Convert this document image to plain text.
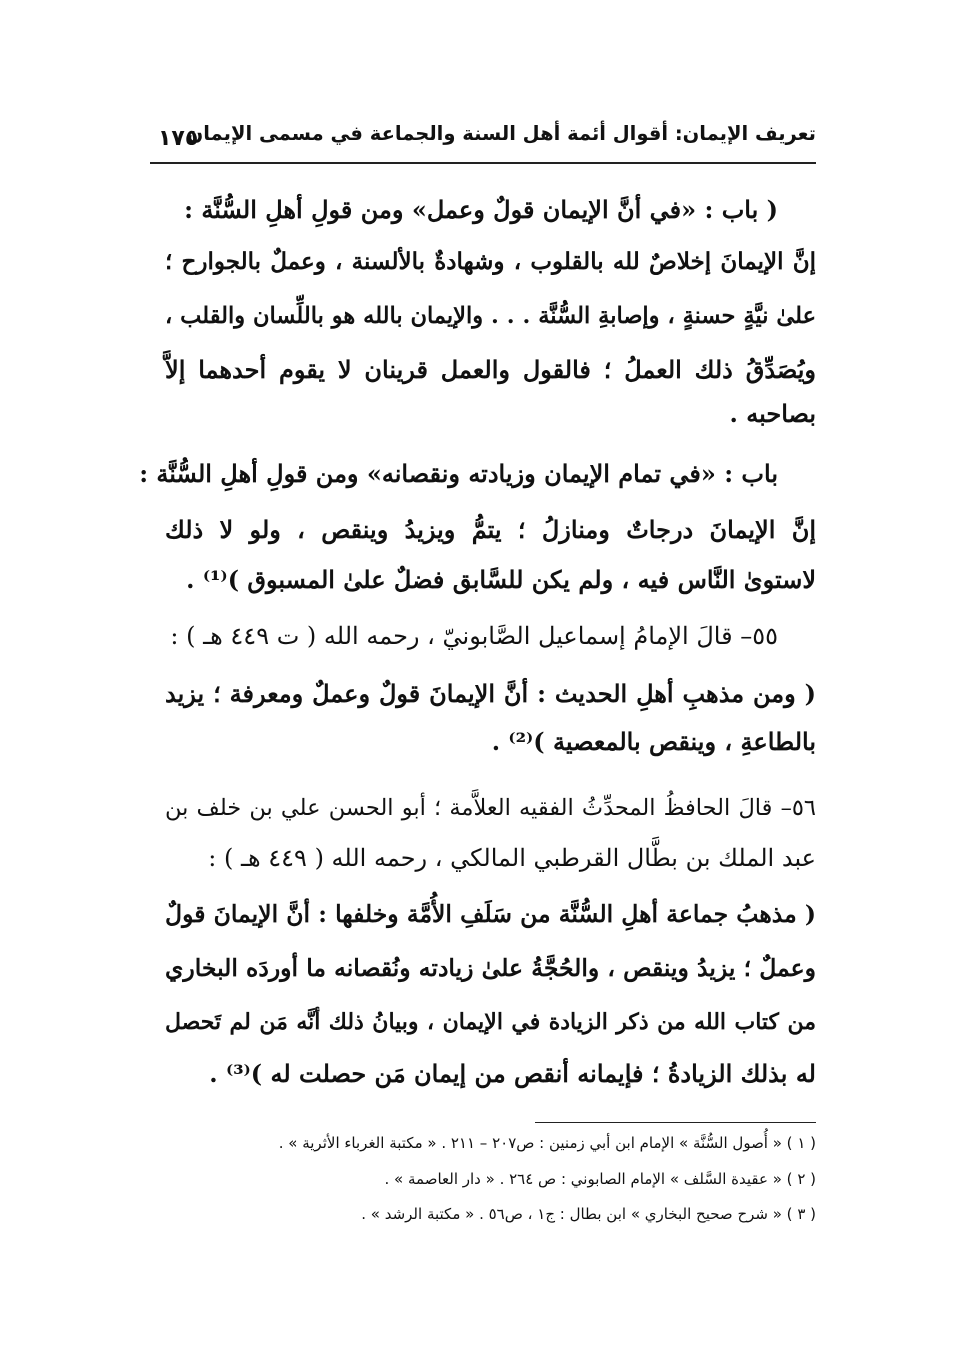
تعريف الإيمان: أقوال أئمة أهل السنة والجماعة في مسمى الإيمان
١٧٥
( باب : «في أنَّ الإيمان قولٌ وعمل» ومن قولِ أهلِ السُّنَّة :
إنَّ الإيمانَ إخلاصٌ لله بالقلوب ، وشهادةٌ بالألسنة ، وعملٌ بالجوارح ؛
علىٰ نيَّةٍ حسنةٍ ، وإصابةِ السُّنَّة . . . والإيمان بالله هو باللِّسان والقلب ،
ويُصَدِّقُ ذلك العملُ ؛ فالقول والعمل قرينان لا يقوم أحدهما إلاَّ
بصاحبه .
باب : «في تمام الإيمان وزيادته ونقصانه» ومن قولِ أهلِ السُّنَّة :
إنَّ الإيمانَ درجاتٌ ومنازلُ ؛ يتمُّ ويزيدُ وينقص ، ولو لا ذلك
لاستوىٰ النَّاس فيه ، ولم يكن للسَّابق فضلٌ علىٰ المسبوق )⁽¹⁾ .
٥٥– قالَ الإمامُ إسماعيل الصَّابونيّ ، رحمه الله ( ت ٤٤٩ هـ ) :
( ومن مذهبِ أهلِ الحديث : أنَّ الإيمانَ قولٌ وعملٌ ومعرفة ؛ يزيد
بالطاعةِ ، وينقص بالمعصية )⁽²⁾ .
٥٦– قالَ الحافظُ المحدِّثُ الفقيه العلاَّمة ؛ أبو الحسن علي بن خلف بن
عبد الملك بن بطَّال القرطبي المالكي ، رحمه الله ( ٤٤٩ هـ ) :
( مذهبُ جماعة أهلِ السُّنَّة من سَلَفِ الأُمَّة وخلفها : أنَّ الإيمانَ قولٌ
وعملٌ ؛ يزيدُ وينقص ، والحُجَّةُ علىٰ زيادته ونُقصانه ما أوردَه البخاري
من كتاب الله من ذكر الزيادة في الإيمان ، وبيانُ ذلك أنَّه مَن لم تَحصل
له بذلك الزيادةُ ؛ فإيمانه أنقص من إيمان مَن حصلت له )⁽³⁾ .
( ١ ) « أُصول السُّنَّة » الإمام ابن أبي زمنين : ص٢٠٧ – ٢١١ . « مكتبة الغرباء الأثرية » .
( ٢ ) « عقيدة السَّلف » الإمام الصابوني : ص ٢٦٤ . « دار العاصمة » .
( ٣ ) « شرح صحيح البخاري » ابن بطال : ج١ ، ص٥٦ . « مكتبة الرشد » .
